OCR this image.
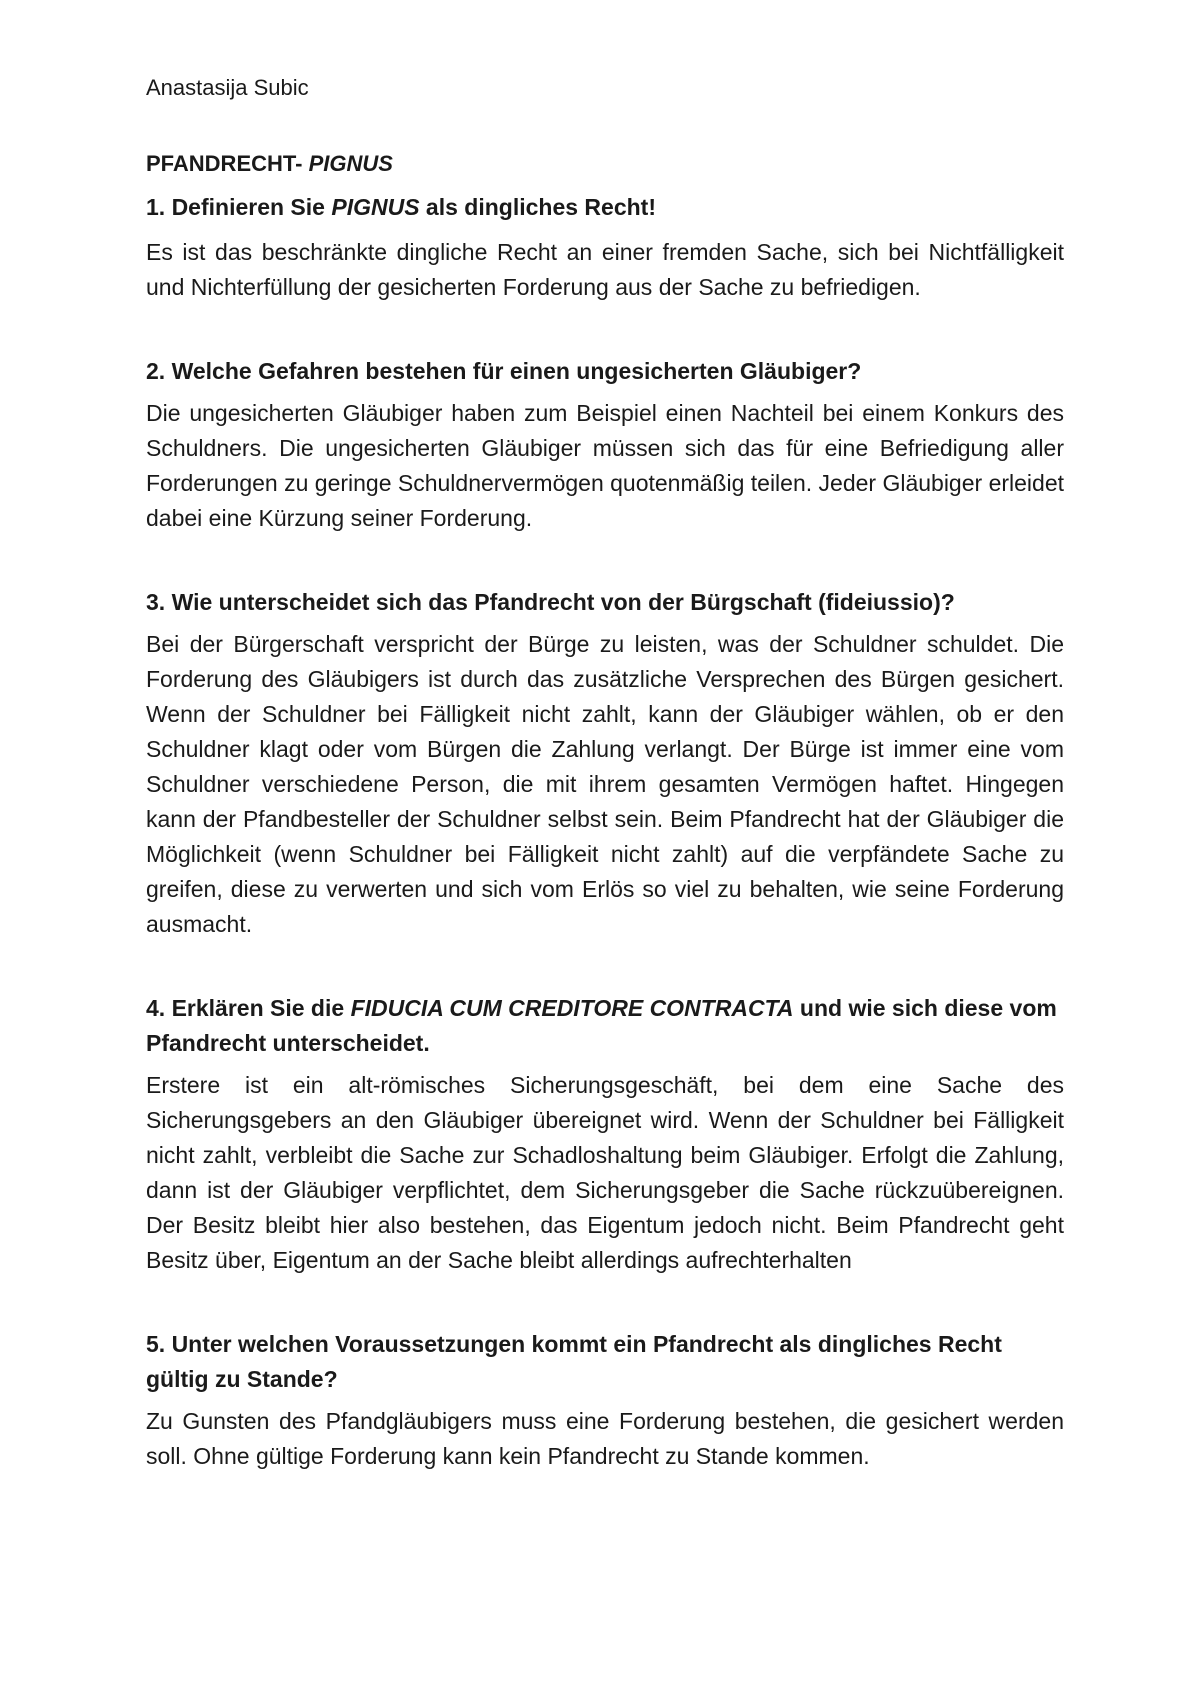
Anastasija Subic
PFANDRECHT- PIGNUS
1. Definieren Sie PIGNUS als dingliches Recht!

Es ist das beschränkte dingliche Recht an einer fremden Sache, sich bei Nichtfälligkeit und Nichterfüllung der gesicherten Forderung aus der Sache zu befriedigen.

2. Welche Gefahren bestehen für einen ungesicherten Gläubiger?

Die ungesicherten Gläubiger haben zum Beispiel einen Nachteil bei einem Konkurs des Schuldners. Die ungesicherten Gläubiger müssen sich das für eine Befriedigung aller Forderungen zu geringe Schuldnervermögen quotenmäßig teilen. Jeder Gläubiger erleidet dabei eine Kürzung seiner Forderung.

3. Wie unterscheidet sich das Pfandrecht von der Bürgschaft (fideiussio)?

Bei der Bürgerschaft verspricht der Bürge zu leisten, was der Schuldner schuldet. Die Forderung des Gläubigers ist durch das zusätzliche Versprechen des Bürgen gesichert. Wenn der Schuldner bei Fälligkeit nicht zahlt, kann der Gläubiger wählen, ob er den Schuldner klagt oder vom Bürgen die Zahlung verlangt. Der Bürge ist immer eine vom Schuldner verschiedene Person, die mit ihrem gesamten Vermögen haftet. Hingegen kann der Pfandbesteller der Schuldner selbst sein. Beim Pfandrecht hat der Gläubiger die Möglichkeit (wenn Schuldner bei Fälligkeit nicht zahlt) auf die verpfändete Sache zu greifen, diese zu verwerten und sich vom Erlös so viel zu behalten, wie seine Forderung ausmacht.

4. Erklären Sie die FIDUCIA CUM CREDITORE CONTRACTA und wie sich diese vom Pfandrecht unterscheidet.

Erstere ist ein alt-römisches Sicherungsgeschäft, bei dem eine Sache des Sicherungsgebers an den Gläubiger übereignet wird. Wenn der Schuldner bei Fälligkeit nicht zahlt, verbleibt die Sache zur Schadloshaltung beim Gläubiger. Erfolgt die Zahlung, dann ist der Gläubiger verpflichtet, dem Sicherungsgeber die Sache rückzuübereignen. Der Besitz bleibt hier also bestehen, das Eigentum jedoch nicht. Beim Pfandrecht geht Besitz über, Eigentum an der Sache bleibt allerdings aufrechterhalten

5. Unter welchen Voraussetzungen kommt ein Pfandrecht als dingliches Recht gültig zu Stande?

Zu Gunsten des Pfandgläubigers muss eine Forderung bestehen, die gesichert werden soll. Ohne gültige Forderung kann kein Pfandrecht zu Stande kommen.
